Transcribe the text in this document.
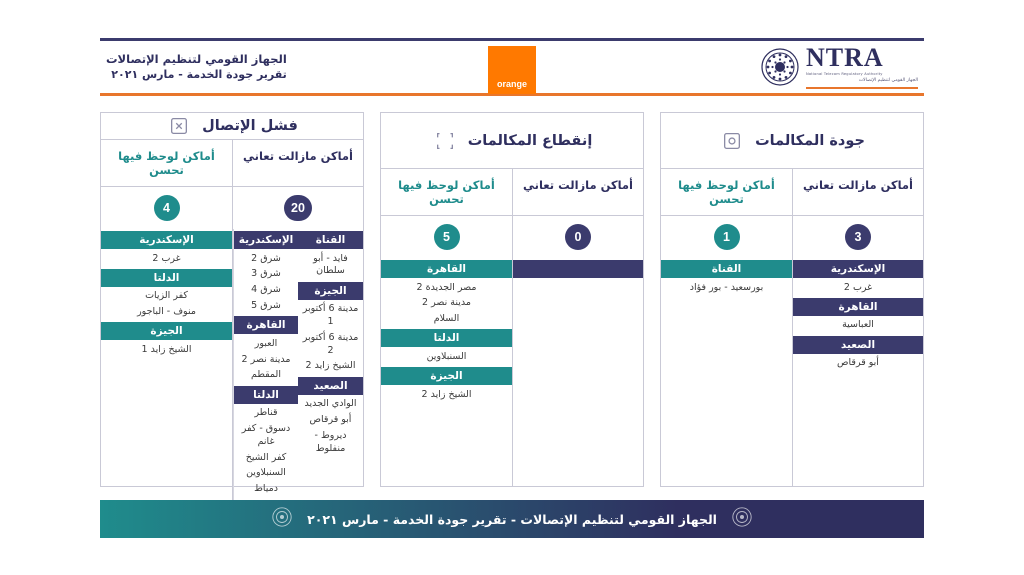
NTRA
National Telecom Regulatory Authority
الجهاز القومي لتنظيم الإتصالات
orange
الجهاز القومي لتنظيم الإتصالات
تقرير جودة الخدمة - مارس ٢٠٢١
جودة المكالمات
أماكن مازالت تعاني
أماكن لوحظ فيها تحسن
3
الإسكندرية
غرب 2
القاهرة
العباسية
الصعيد
أبو قرقاص
1
القناة
بورسعيد - بور فؤاد
إنقطاع المكالمات
أماكن مازالت تعاني
أماكن لوحظ فيها تحسن
0
5
القاهرة
مصر الجديدة 2
مدينة نصر 2
السلام
الدلتا
السنبلاوين
الجيزة
الشيخ زايد 2
فشل الإتصال
أماكن مازالت تعاني
أماكن لوحظ فيها تحسن
20
القناة
فايد - أبو سلطان
الجيزة
مدينة 6 أكتوبر 1
مدينة 6 أكتوبر 2
الشيخ زايد 2
الصعيد
الوادي الجديد
أبو قرقاص
ديروط - منفلوط
الإسكندرية
شرق 2
شرق 3
شرق 4
شرق 5
القاهرة
العبور
مدينة نصر 2
المقطم
الدلتا
قناطر
دسوق - كفر غانم
كفر الشيخ
السنبلاوين
دمياط
4
الإسكندرية
غرب 2
الدلتا
كفر الزيات
منوف - الباجور
الجيزة
الشيخ زايد 1
الجهاز القومي لتنظيم الإتصالات - تقرير جودة الخدمة - مارس ٢٠٢١
